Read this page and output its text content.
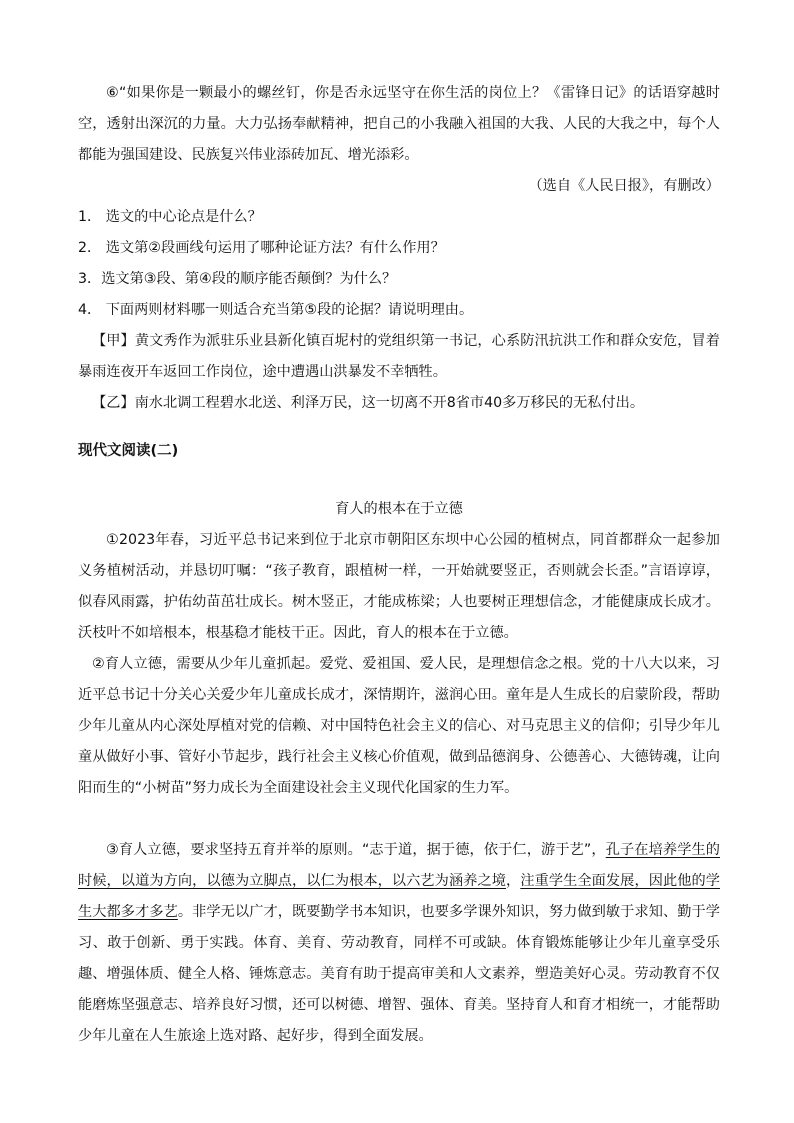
⑥“如果你是一颗最小的螺丝钉，你是否永远坚守在你生活的岗位上？《雷锋日记》的话语穿越时空，透射出深沉的力量。大力弘扬奉献精神，把自己的小我融入祖国的大我、人民的大我之中，每个人都能为强国建设、民族复兴伟业添砖加瓦、增光添彩。

（选自《人民日报》，有删改）

1． 选文的中心论点是什么？

2． 选文第②段画线句运用了哪种论证方法？有什么作用？

3．选文第③段、第④段的顺序能否颠倒？为什么？

4． 下面两则材料哪一则适合充当第⑤段的论据？请说明理由。

【甲】黄文秀作为派驻乐业县新化镇百坭村的党组织第一书记，心系防汛抗洪工作和群众安危，冒着暴雨连夜开车返回工作岗位，途中遭遇山洪暴发不幸牺牲。

【乙】南水北调工程碧水北送、利泽万民，这一切离不开8省市40多万移民的无私付出。

现代文阅读(二)

育人的根本在于立德

①2023年春，习近平总书记来到位于北京市朝阳区东坝中心公园的植树点，同首都群众一起参加义务植树活动，并恳切叮嘱：“孩子教育，跟植树一样，一开始就要竖正，否则就会长歪。”言语谆谆，似春风雨露，护佑幼苗茁壮成长。树木竖正，才能成栋梁；人也要树正理想信念，才能健康成长成才。沃枝叶不如培根本，根基稳才能枝干正。因此，育人的根本在于立德。

②育人立德，需要从少年儿童抓起。爱党、爱祖国、爱人民，是理想信念之根。党的十八大以来，习近平总书记十分关心关爱少年儿童成长成才，深情期许，滋润心田。童年是人生成长的启蒙阶段，帮助少年儿童从内心深处厚植对党的信赖、对中国特色社会主义的信心、对马克思主义的信仰；引导少年儿童从做好小事、管好小节起步，践行社会主义核心价值观，做到品德润身、公德善心、大德铸魂，让向阳而生的“小树苗”努力成长为全面建设社会主义现代化国家的生力军。

③育人立德，要求坚持五育并举的原则。“志于道，据于德，依于仁，游于艺”，孔子在培养学生的时候，以道为方向，以德为立脚点，以仁为根本，以六艺为涵养之境，注重学生全面发展，因此他的学生大都多才多艺。非学无以广才，既要勤学书本知识，也要多学课外知识，努力做到敏于求知、勤于学习、敢于创新、勇于实践。体育、美育、劳动教育，同样不可或缺。体育锻炼能够让少年儿童享受乐趣、增强体质、健全人格、锤炼意志。美育有助于提高审美和人文素养，塑造美好心灵。劳动教育不仅能磨炼坚强意志、培养良好习惯，还可以树德、增智、强体、育美。坚持育人和育才相统一，才能帮助少年儿童在人生旅途上选对路、起好步，得到全面发展。
